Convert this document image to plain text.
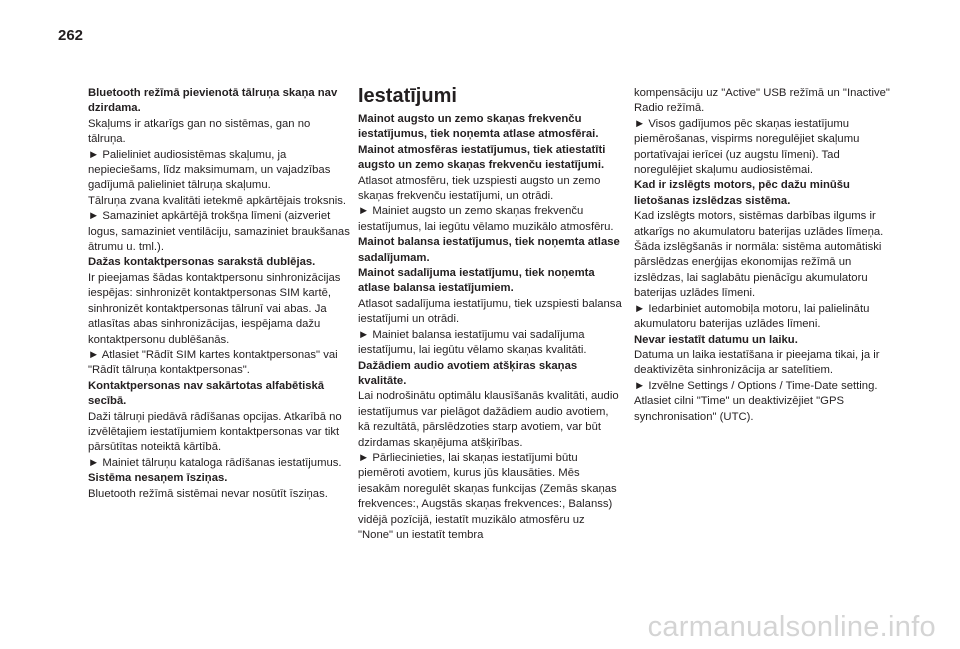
262

Bluetooth režīmā pievienotā tālruņa skaņa nav dzirdama.

Skaļums ir atkarīgs gan no sistēmas, gan no tālruņa.

► Palieliniet audiosistēmas skaļumu, ja nepieciešams, līdz maksimumam, un vajadzības gadījumā palieliniet tālruņa skaļumu.

Tālruņa zvana kvalitāti ietekmē apkārtējais troksnis.

► Samaziniet apkārtējā trokšņa līmeni (aizveriet logus, samaziniet ventilāciju, samaziniet braukšanas ātrumu u. tml.).

Dažas kontaktpersonas sarakstā dublējas.

Ir pieejamas šādas kontaktpersonu sinhronizācijas iespējas: sinhronizēt kontaktpersonas SIM kartē, sinhronizēt kontaktpersonas tālrunī vai abas. Ja atlasītas abas sinhronizācijas, iespējama dažu kontaktpersonu dublēšanās.

► Atlasiet "Rādīt SIM kartes kontaktpersonas" vai "Rādīt tālruņa kontaktpersonas".

Kontaktpersonas nav sakārtotas alfabētiskā secībā.

Daži tālruņi piedāvā rādīšanas opcijas. Atkarībā no izvēlētajiem iestatījumiem kontaktpersonas var tikt pārsūtītas noteiktā kārtībā.

► Mainiet tālruņu kataloga rādīšanas iestatījumus.

Sistēma nesaņem īsziņas.

Bluetooth režīmā sistēmai nevar nosūtīt īsziņas.

Iestatījumi

Mainot augsto un zemo skaņas frekvenču iestatījumus, tiek noņemta atlase atmosfērai.

Mainot atmosfēras iestatījumus, tiek atiestatīti augsto un zemo skaņas frekvenču iestatījumi.

Atlasot atmosfēru, tiek uzspiesti augsto un zemo skaņas frekvenču iestatījumi, un otrādi.

► Mainiet augsto un zemo skaņas frekvenču iestatījumus, lai iegūtu vēlamo muzikālo atmosfēru.

Mainot balansa iestatījumus, tiek noņemta atlase sadalījumam.

Mainot sadalījuma iestatījumu, tiek noņemta atlase balansa iestatījumiem.

Atlasot sadalījuma iestatījumu, tiek uzspiesti balansa iestatījumi un otrādi.

► Mainiet balansa iestatījumu vai sadalījuma iestatījumu, lai iegūtu vēlamo skaņas kvalitāti.

Dažādiem audio avotiem atšķiras skaņas kvalitāte.

Lai nodrošinātu optimālu klausīšanās kvalitāti, audio iestatījumus var pielāgot dažādiem audio avotiem, kā rezultātā, pārslēdzoties starp avotiem, var būt dzirdamas skaņējuma atšķirības.

► Pārliecinieties, lai skaņas iestatījumi būtu piemēroti avotiem, kurus jūs klausāties. Mēs iesakām noregulēt skaņas funkcijas (Zemās skaņas frekvences:, Augstās skaņas frekvences:, Balanss) vidējā pozīcijā, iestatīt muzikālo atmosfēru uz "None" un iestatīt tembra

kompensāciju uz "Active" USB režīmā un "Inactive" Radio režīmā.

► Visos gadījumos pēc skaņas iestatījumu piemērošanas, vispirms noregulējiet skaļumu portatīvajai ierīcei (uz augstu līmeni). Tad noregulējiet skaļumu audiosistēmai.

Kad ir izslēgts motors, pēc dažu minūšu lietošanas izslēdzas sistēma.

Kad izslēgts motors, sistēmas darbības ilgums ir atkarīgs no akumulatoru baterijas uzlādes līmeņa.

Šāda izslēgšanās ir normāla: sistēma automātiski pārslēdzas enerģijas ekonomijas režīmā un izslēdzas, lai saglabātu pienācīgu akumulatoru baterijas uzlādes līmeni.

► Iedarbiniet automobiļa motoru, lai palielinātu akumulatoru baterijas uzlādes līmeni.

Nevar iestatīt datumu un laiku.

Datuma un laika iestatīšana ir pieejama tikai, ja ir deaktivizēta sinhronizācija ar satelītiem.

► Izvēlne Settings / Options / Time-Date setting. Atlasiet cilni "Time" un deaktivizējiet "GPS synchronisation" (UTC).

carmanualsonline.info
